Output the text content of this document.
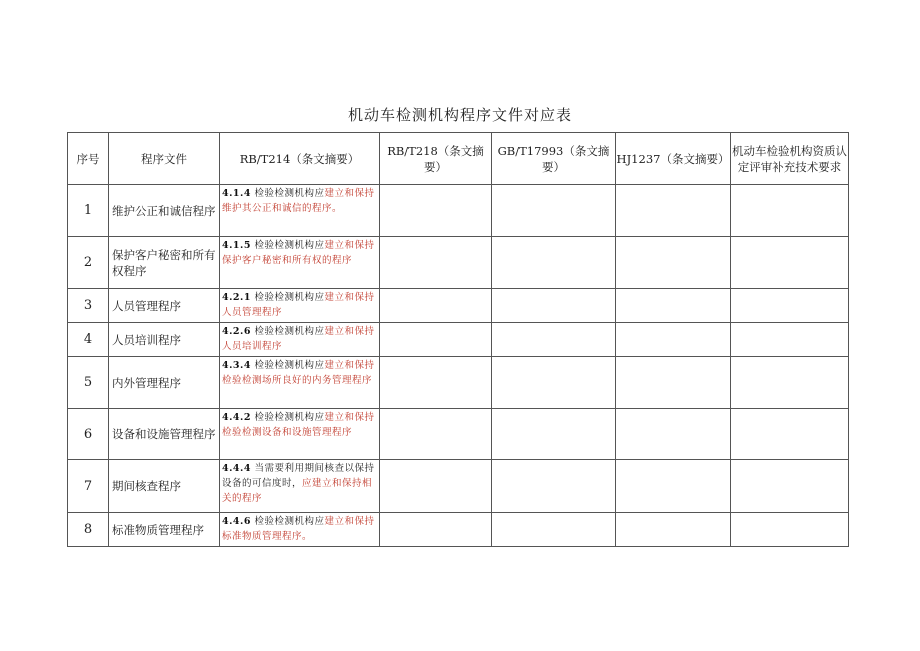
机动车检测机构程序文件对应表
序号	程序文件	RB/T214（条文摘要）	RB/T218（条文摘要）	GB/T17993（条文摘要）	HJ1237（条文摘要）	机动车检验机构资质认定评审补充技术要求
1	维护公正和诚信程序	4.1.4 检验检测机构应建立和保持维护其公正和诚信的程序。				
2	保护客户秘密和所有权程序	4.1.5 检验检测机构应建立和保持保护客户秘密和所有权的程序				
3	人员管理程序	4.2.1 检验检测机构应建立和保持人员管理程序				
4	人员培训程序	4.2.6 检验检测机构应建立和保持人员培训程序				
5	内外管理程序	4.3.4 检验检测机构应建立和保持检验检测场所良好的内务管理程序				
6	设备和设施管理程序	4.4.2 检验检测机构应建立和保持检验检测设备和设施管理程序				
7	期间核查程序	4.4.4 当需要利用期间核查以保持设备的可信度时，应建立和保持相关的程序				
8	标准物质管理程序	4.4.6 检验检测机构应建立和保持标准物质管理程序。				
